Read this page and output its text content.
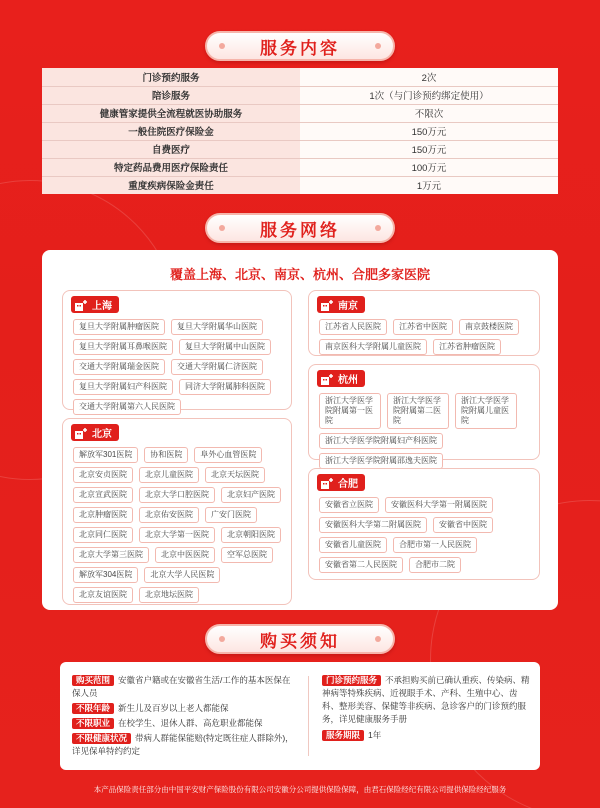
服务内容
门诊预约服务	2次
陪诊服务	1次（与门诊预约绑定使用）
健康管家提供全流程就医协助服务	不限次
一般住院医疗保险金	150万元
自费医疗	150万元
特定药品费用医疗保险责任	100万元
重度疾病保险金责任	1万元
服务网络
覆盖上海、北京、南京、杭州、合肥多家医院
上海
复旦大学附属肿瘤医院	复旦大学附属华山医院
复旦大学附属耳鼻喉医院	复旦大学附属中山医院
交通大学附属瑞金医院	交通大学附属仁济医院
复旦大学附属妇产科医院	同济大学附属肺科医院
交通大学附属第六人民医院
北京
解放军301医院	协和医院	阜外心血管医院
北京安贞医院	北京儿童医院	北京天坛医院
北京宣武医院	北京大学口腔医院	北京妇产医院
北京肿瘤医院	北京佑安医院	广安门医院
北京同仁医院	北京大学第一医院	北京朝阳医院
北京大学第三医院	北京中医医院	空军总医院
解放军304医院	北京大学人民医院
北京友谊医院	北京地坛医院
南京
江苏省人民医院	江苏省中医院	南京鼓楼医院
南京医科大学附属儿童医院	江苏省肿瘤医院
杭州
浙江大学医学院附属第一医院
浙江大学医学院附属第二医院
浙江大学医学院附属儿童医院
浙江大学医学院附属妇产科医院
浙江大学医学院附属邵逸夫医院
合肥
安徽省立医院	安徽医科大学第一附属医院
安徽医科大学第二附属医院	安徽省中医院
安徽省儿童医院	合肥市第一人民医院
安徽省第二人民医院	合肥市二院
购买须知
购买范围 安徽省户籍或在安徽省生活/工作的基本医保在保人员
不限年龄 新生儿及百岁以上老人都能保
不限职业 在校学生、退休人群、高危职业都能保
不限健康状况 带病人群能保能赔(特定既往症人群除外)，详见保单特约约定
门诊预约服务 不承担购买前已确认重疾、传染病、精神病等特殊疾病、近视眼手术、产科、生殖中心、齿科、整形美容、保健等非疾病、急诊客户的门诊预约服务，详见健康服务手册
服务期限 1年
本产品保险责任部分由中国平安财产保险股份有限公司安徽分公司提供保险保障，由君石保险经纪有限公司提供保险经纪服务
